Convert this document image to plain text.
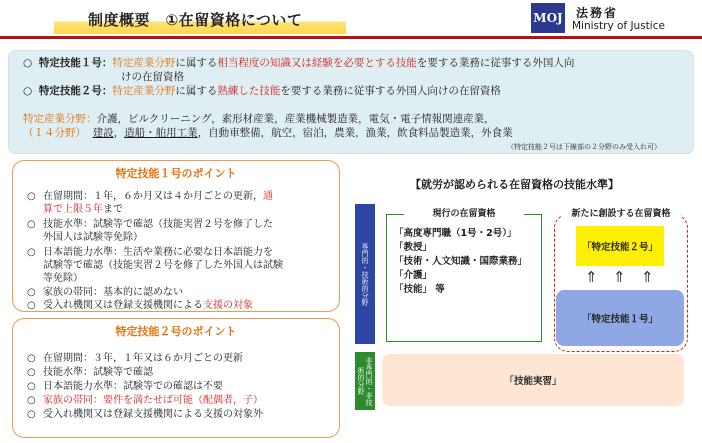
制度概要　①在留資格について	MOJ 法務省
Ministry of Justice
○ 特定技能１号：特定産業分野に属する相当程度の知識又は経験を必要とする技能を要する業務に従事する外国人向
けの在留資格
○ 特定技能２号：特定産業分野に属する熟練した技能を要する業務に従事する外国人向けの在留資格
特定産業分野：介護，ビルクリーニング，素形材産業，産業機械製造業，電気・電子情報関連産業，
（１４分野） 建設，造船・舶用工業，自動車整備，航空，宿泊，農業，漁業，飲食料品製造業，外食業
（特定技能２号は下線部の２分野のみ受入れ可）
特定技能１号のポイント
○ 在留期間：１年，６か月又は４か月ごとの更新，通
算で上限５年まで
○ 技能水準：試験等で確認（技能実習２号を修了した
外国人は試験等免除）
○ 日本語能力水準：生活や業務に必要な日本語能力を
試験等で確認（技能実習２号を修了した外国人は試験
等免除）
○ 家族の帯同：基本的に認めない
○ 受入れ機関又は登録支援機関による支援の対象
特定技能２号のポイント
○ 在留期間：３年，１年又は６か月ごとの更新
○ 技能水準：試験等で確認
○ 日本語能力水準：試験等での確認は不要
○ 家族の帯同：要件を満たせば可能（配偶者，子）
○ 受入れ機関又は登録支援機関による支援の対象外
【就労が認められる在留資格の技能水準】
専門的・技術的分野
非専門的・非技術的分野
現行の在留資格
「高度専門職（1号・2号）」
「教授」
「技術・人文知識・国際業務」
「介護」
「技能」 等
新たに創設する在留資格
「特定技能２号」
⇑ ⇑ ⇑
「特定技能１号」
「技能実習」
